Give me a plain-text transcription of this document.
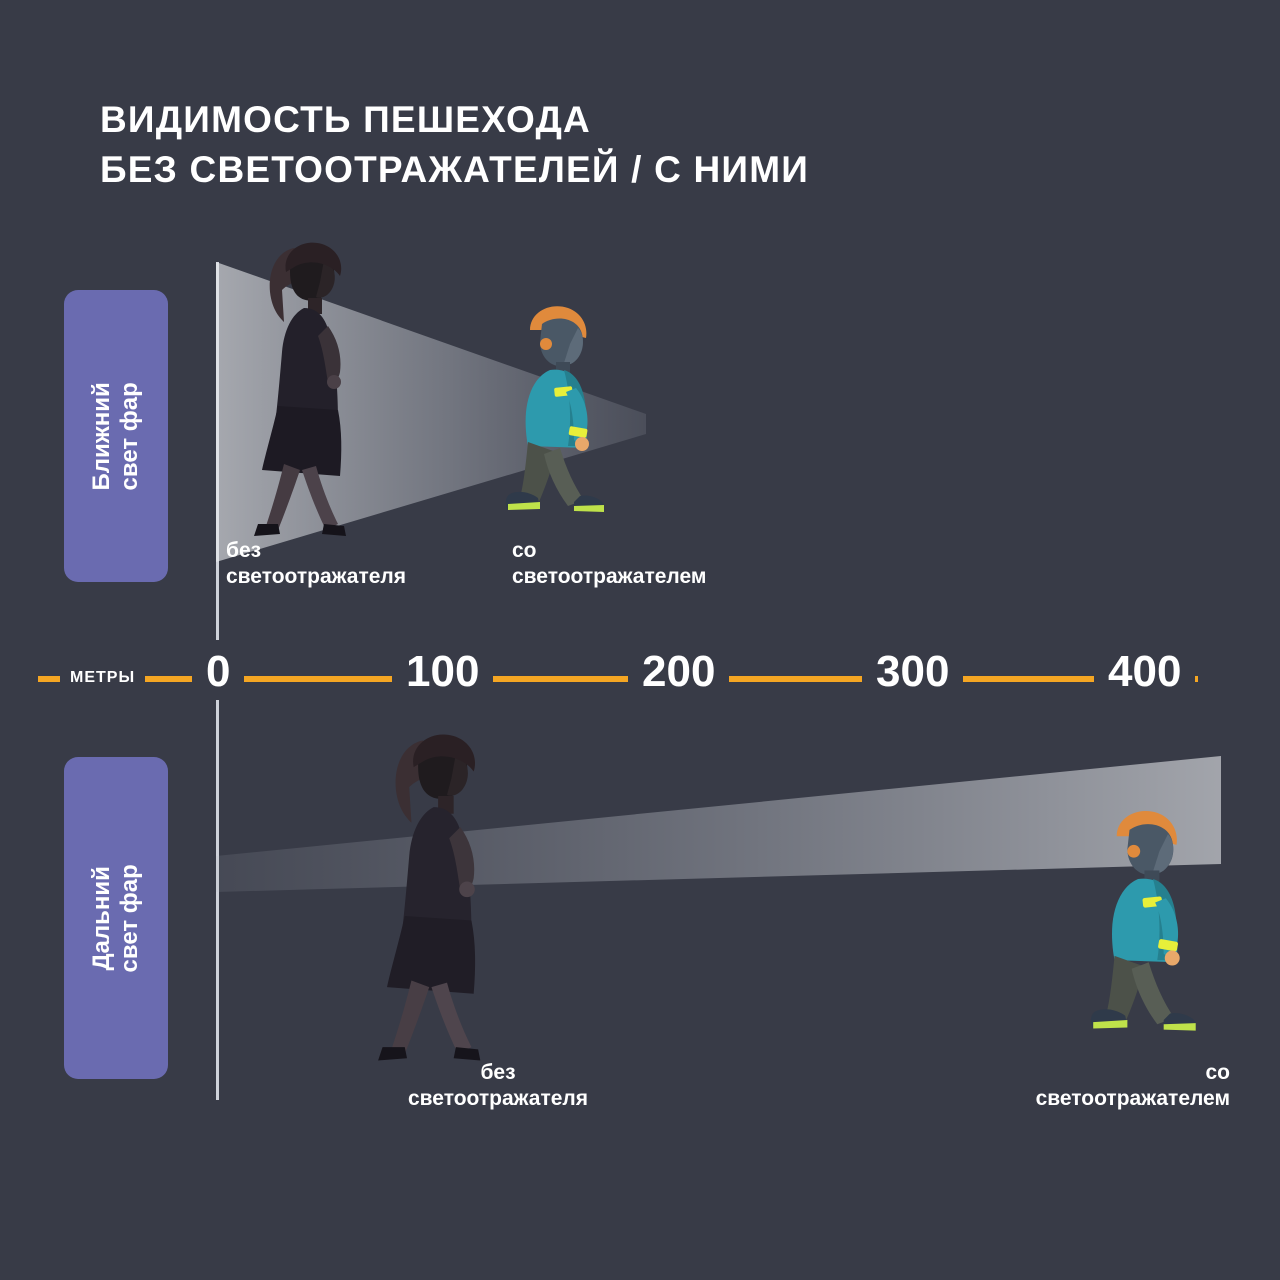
ВИДИМОСТЬ ПЕШЕХОДА
БЕЗ СВЕТООТРАЖАТЕЛЕЙ / С НИМИ
Ближний
свет фар
без
светоотражателя
со
светоотражателем
МЕТРЫ	0	100	200	300	400
Дальний
свет фар
без
светоотражателя
со
светоотражателем
